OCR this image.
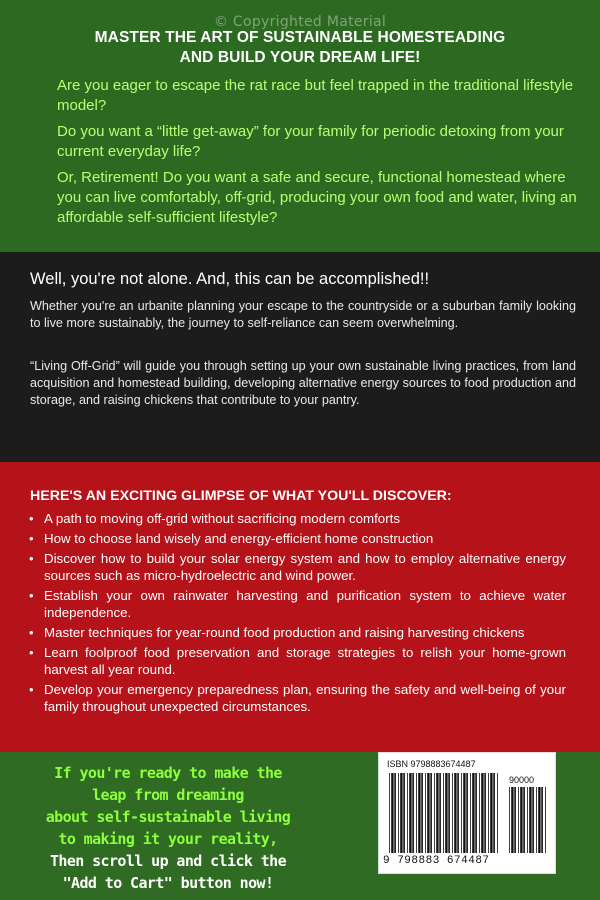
© Copyrighted Material
MASTER THE ART OF SUSTAINABLE HOMESTEADING
AND BUILD YOUR DREAM LIFE!

Are you eager to escape the rat race but feel trapped in the traditional lifestyle model?

Do you want a “little get-away” for your family for periodic detoxing from your current everyday life?

Or, Retirement! Do you want a safe and secure, functional homestead where you can live comfortably, off-grid, producing your own food and water, living an affordable self-sufficient lifestyle?

Well, you're not alone. And, this can be accomplished!!
Whether you're an urbanite planning your escape to the countryside or a suburban family looking to live more sustainably, the journey to self-reliance can seem overwhelming.
“Living Off-Grid” will guide you through setting up your own sustainable living practices, from land acquisition and homestead building, developing alternative energy sources to food production and storage, and raising chickens that contribute to your pantry.
HERE'S AN EXCITING GLIMPSE OF WHAT YOU'LL DISCOVER:
• A path to moving off-grid without sacrificing modern comforts
• How to choose land wisely and energy-efficient home construction
• Discover how to build your solar energy system and how to employ alternative energy sources such as micro-hydroelectric and wind power.
• Establish your own rainwater harvesting and purification system to achieve water independence.
• Master techniques for year-round food production and raising harvesting chickens
• Learn foolproof food preservation and storage strategies to relish your home-grown harvest all year round.
• Develop your emergency preparedness plan, ensuring the safety and well-being of your family throughout unexpected circumstances.
If you're ready to make the
leap from dreaming
about self-sustainable living
to making it your reality,
Then scroll up and click the
"Add to Cart" button now!
ISBN 9798883674487
90000
9 798883 674487
